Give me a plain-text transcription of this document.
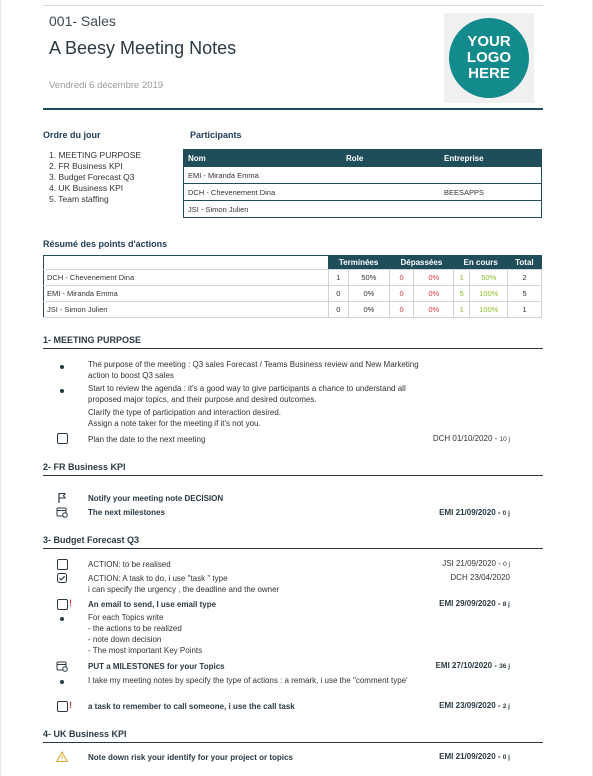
001- Sales
A Beesy Meeting Notes
Vendredi 6 décembre 2019
YOUR
LOGO
HERE
Ordre du jour
1. MEETING PURPOSE
2. FR Business KPI
3. Budget Forecast Q3
4. UK Business KPI
5. Team staffing
Participants
Nom	Role	Entreprise
EMI - Miranda Emma		
DCH - Chevenement Dina		BEESAPPS
JSI - Simon Julien		
Résumé des points d'actions
	Terminées		Dépassées		En cours		Total
DCH - Chevenement Dina	1	50%	0	0%	1	50%	2
EMI - Miranda Emma	0	0%	0	0%	5	100%	5
JSI - Simon Julien	0	0%	0	0%	1	100%	1
1- MEETING PURPOSE
The purpose of the meeting : Q3 sales Forecast / Teams Business review and New Marketing action to boost Q3 sales
Start to review the agenda : it's a good way to give participants a chance to understand all proposed major topics, and their purpose and desired outcomes.
Clarify the type of participation and interaction desired.
Assign a note taker for the meeting if it's not you.
Plan the date to the next meeting	DCH 01/10/2020 - 10 j
2- FR Business KPI
Notify your meeting note DECISION
The next milestones	EMI 21/09/2020 - 0 j
3- Budget Forecast Q3
ACTION: to be realised	JSI 21/09/2020 - 0 j
ACTION: A task to do, i use "task " type
i can specify the urgency , the deadline and the owner
DCH 23/04/2020
! An email to send, I use email type	EMI 29/09/2020 - 8 j
For each Topics write
- the actions to be realized
- note down decision
- The most important Key Points
PUT a MILESTONES for your Topics	EMI 27/10/2020 - 36 j
I take my meeting notes by specify the type of actions : a remark, i use the "comment type'
! a task to remember to call someone, i use the call task	EMI 23/09/2020 - 2 j
4- UK Business KPI
Note down risk your identify for your project or topics	EMI 21/09/2020 - 0 j
